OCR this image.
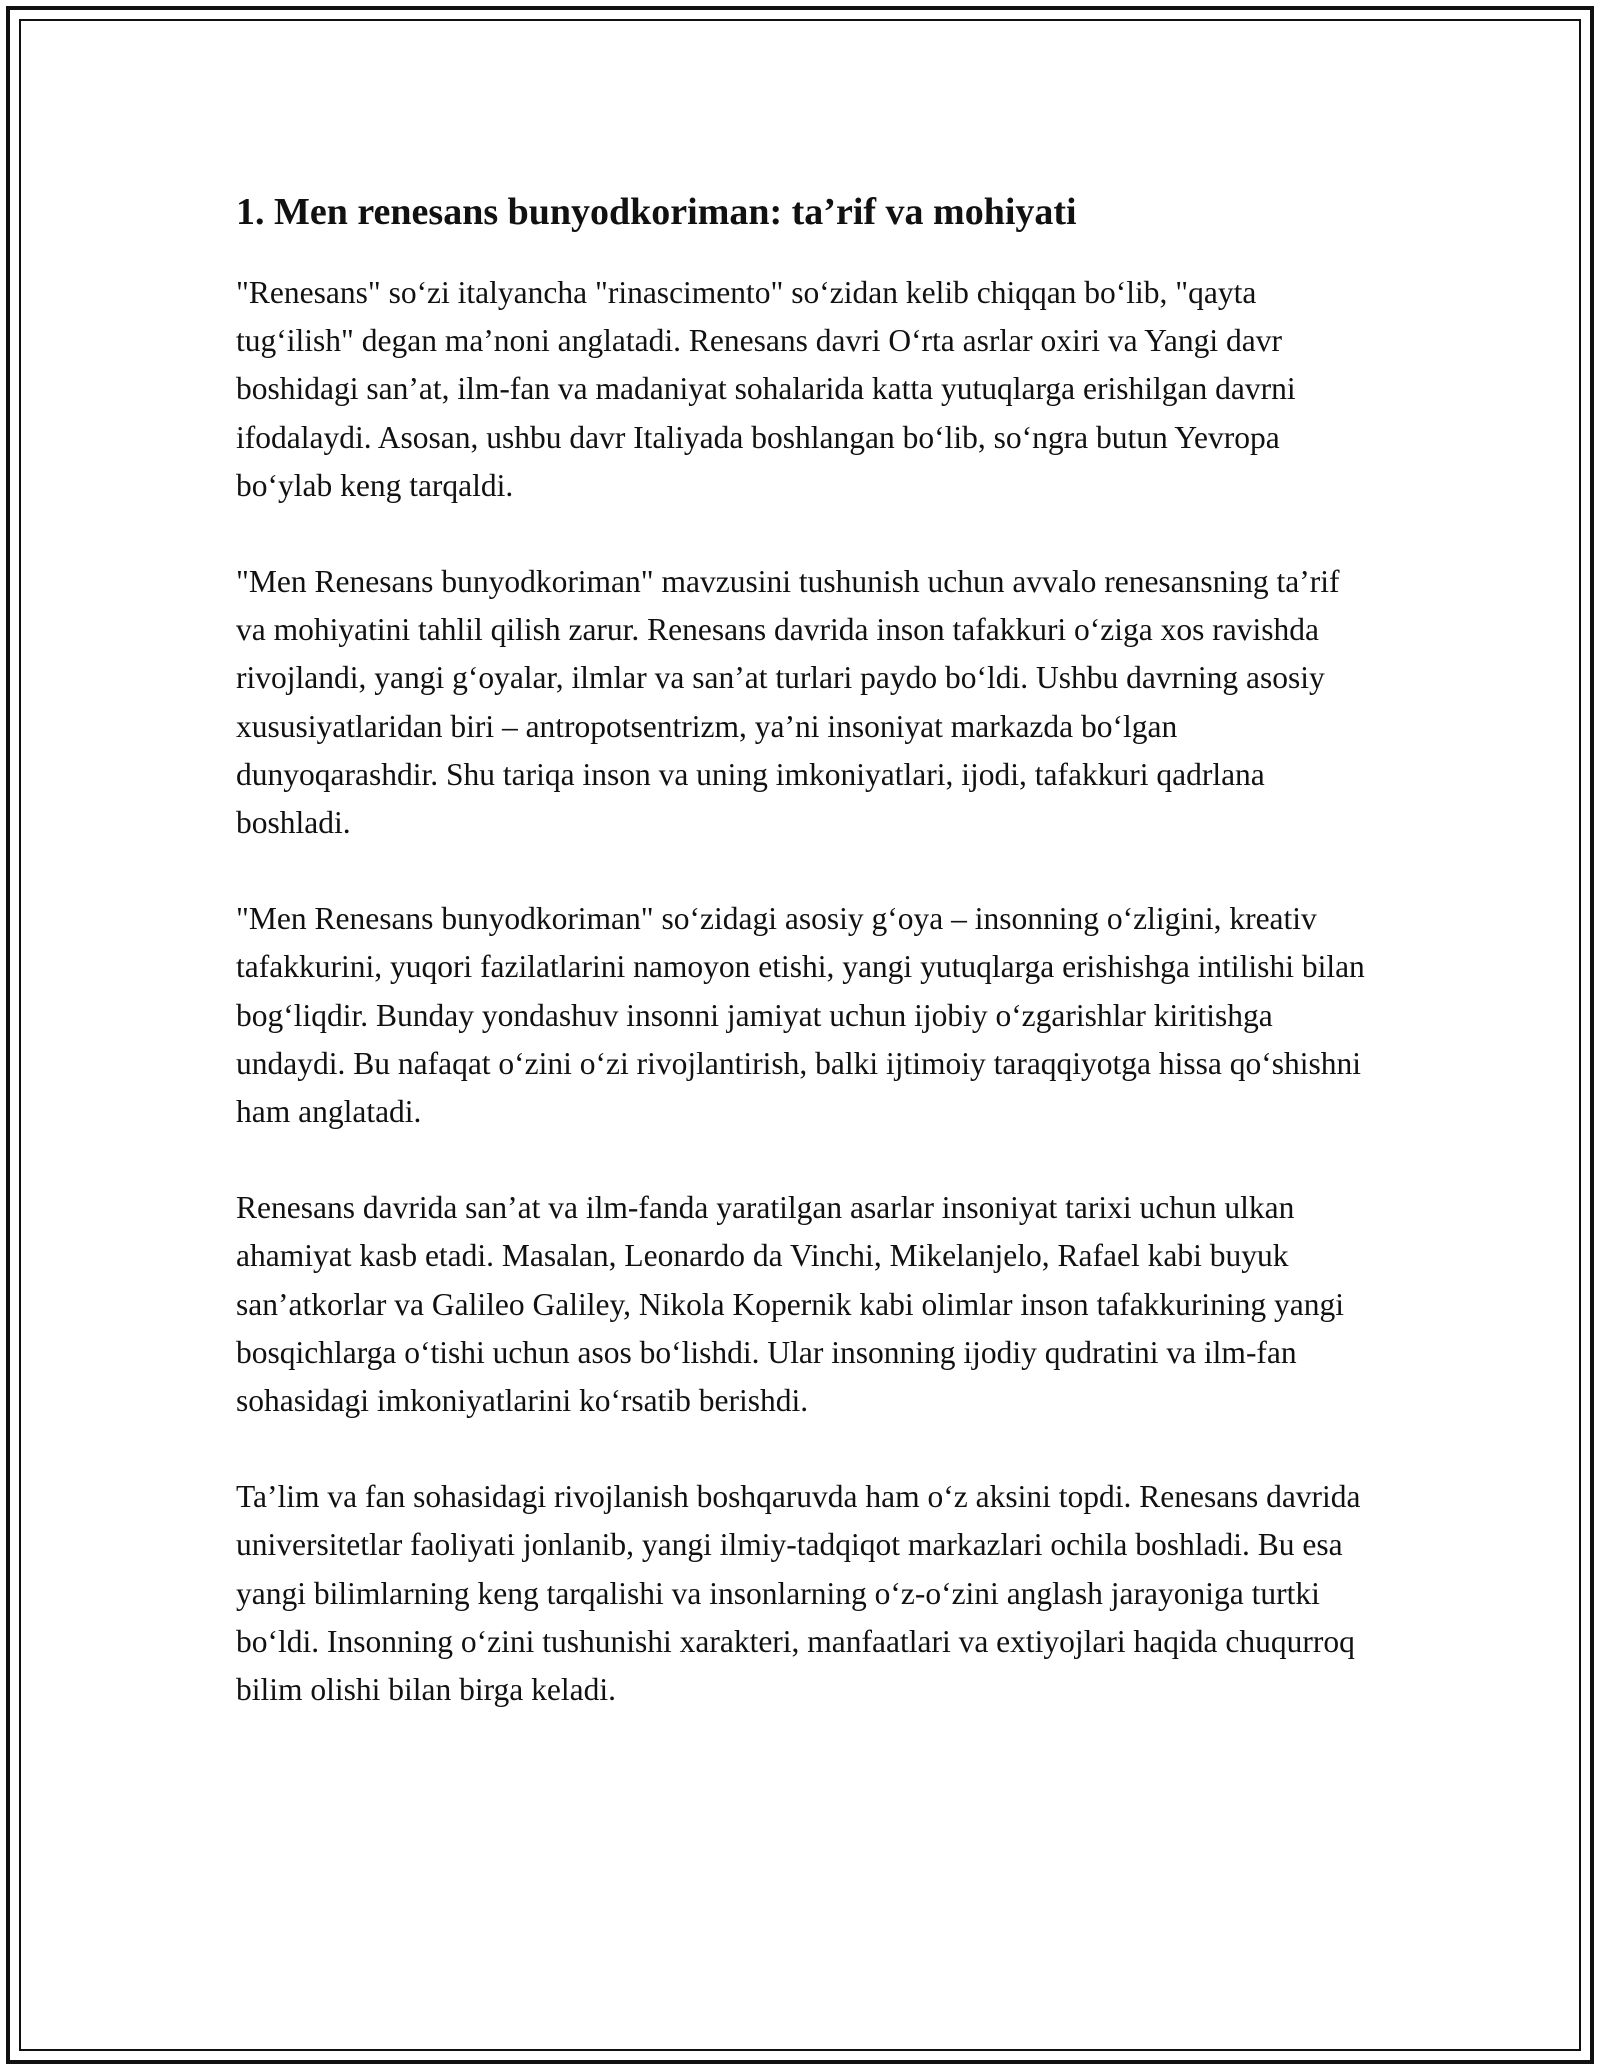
1. Men renesans bunyodkoriman: ta’rif va mohiyati

"Renesans" so‘zi italyancha "rinascimento" so‘zidan kelib chiqqan bo‘lib, "qayta tug‘ilish" degan ma’noni anglatadi. Renesans davri O‘rta asrlar oxiri va Yangi davr boshidagi san’at, ilm-fan va madaniyat sohalarida katta yutuqlarga erishilgan davrni ifodalaydi. Asosan, ushbu davr Italiyada boshlangan bo‘lib, so‘ngra butun Yevropa bo‘ylab keng tarqaldi.

"Men Renesans bunyodkoriman" mavzusini tushunish uchun avvalo renesansning ta’rif va mohiyatini tahlil qilish zarur. Renesans davrida inson tafakkuri o‘ziga xos ravishda rivojlandi, yangi g‘oyalar, ilmlar va san’at turlari paydo bo‘ldi. Ushbu davrning asosiy xususiyatlaridan biri – antropotsentrizm, ya’ni insoniyat markazda bo‘lgan dunyoqarashdir. Shu tariqa inson va uning imkoniyatlari, ijodi, tafakkuri qadrlana boshladi.

"Men Renesans bunyodkoriman" so‘zidagi asosiy g‘oya – insonning o‘zligini, kreativ tafakkurini, yuqori fazilatlarini namoyon etishi, yangi yutuqlarga erishishga intilishi bilan bog‘liqdir. Bunday yondashuv insonni jamiyat uchun ijobiy o‘zgarishlar kiritishga undaydi. Bu nafaqat o‘zini o‘zi rivojlantirish, balki ijtimoiy taraqqiyotga hissa qo‘shishni ham anglatadi.

Renesans davrida san’at va ilm-fanda yaratilgan asarlar insoniyat tarixi uchun ulkan ahamiyat kasb etadi. Masalan, Leonardo da Vinchi, Mikelanjelo, Rafael kabi buyuk san’atkorlar va Galileo Galiley, Nikola Kopernik kabi olimlar inson tafakkurining yangi bosqichlarga o‘tishi uchun asos bo‘lishdi. Ular insonning ijodiy qudratini va ilm-fan sohasidagi imkoniyatlarini ko‘rsatib berishdi.

Ta’lim va fan sohasidagi rivojlanish boshqaruvda ham o‘z aksini topdi. Renesans davrida universitetlar faoliyati jonlanib, yangi ilmiy-tadqiqot markazlari ochila boshladi. Bu esa yangi bilimlarning keng tarqalishi va insonlarning o‘z-o‘zini anglash jarayoniga turtki bo‘ldi. Insonning o‘zini tushunishi xarakteri, manfaatlari va extiyojlari haqida chuqurroq bilim olishi bilan birga keladi.
